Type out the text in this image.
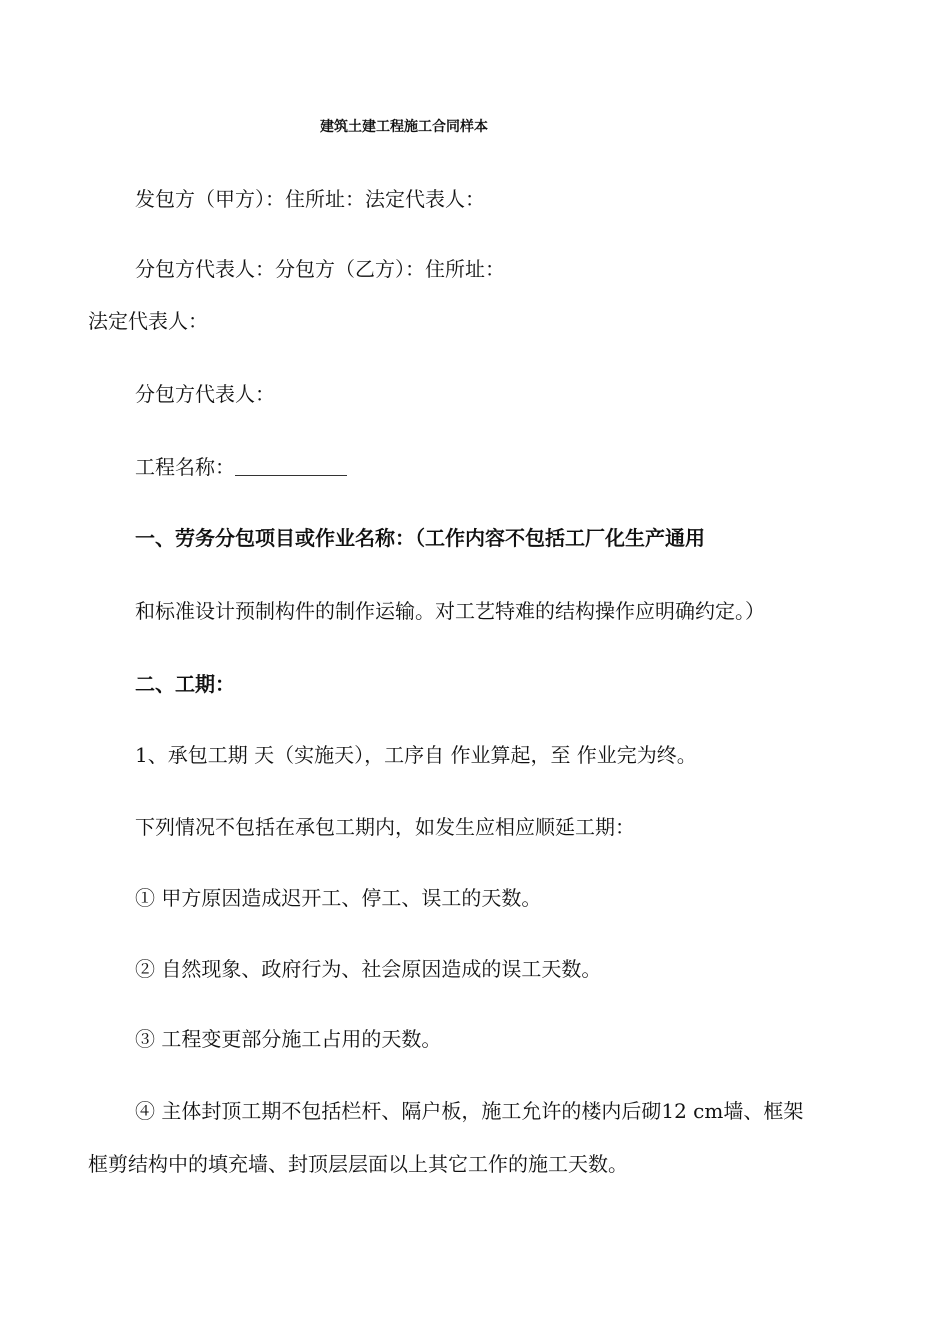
建筑土建工程施工合同样本
发包方（甲方）：住所址：法定代表人：
分包方代表人：分包方（乙方）：住所址：
法定代表人：
分包方代表人：
工程名称：
一、劳务分包项目或作业名称：（工作内容不包括工厂化生产通用
和标准设计预制构件的制作运输。对工艺特难的结构操作应明确约定。）
二、工期：
1、承包工期 天（实施天），工序自 作业算起，至 作业完为终。
下列情况不包括在承包工期内，如发生应相应顺延工期：
① 甲方原因造成迟开工、停工、误工的天数。
② 自然现象、政府行为、社会原因造成的误工天数。
③ 工程变更部分施工占用的天数。
④ 主体封顶工期不包括栏杆、隔户板，施工允许的楼内后砌12 cm墙、框架
框剪结构中的填充墙、封顶层层面以上其它工作的施工天数。
